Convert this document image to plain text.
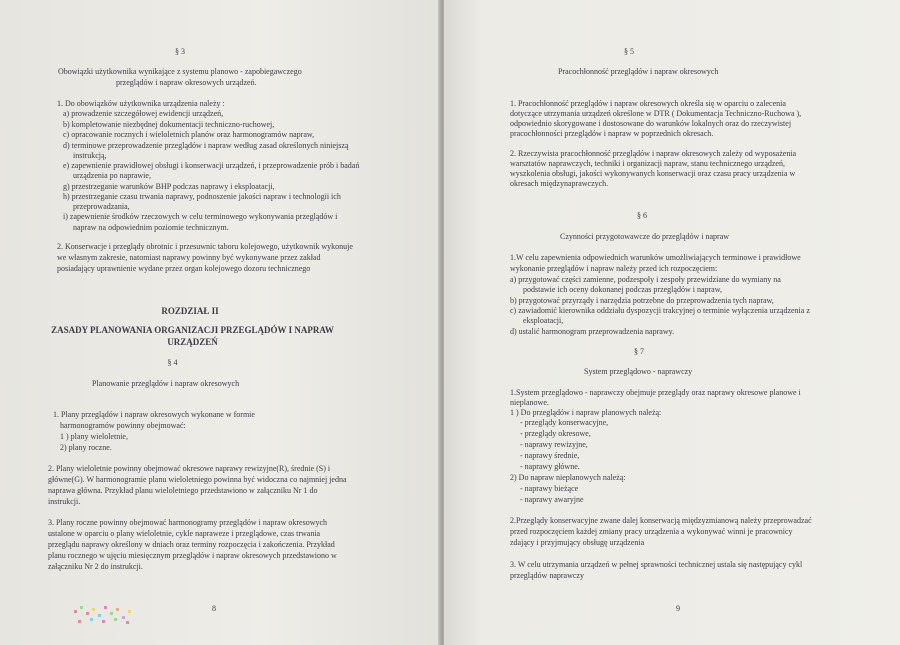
§ 3
Obowiązki użytkownika wynikające z systemu planowo - zapobiegawczego
przeglądów i napraw okresowych urządzeń.
1. Do obowiązków użytkownika urządzenia należy :
a) prowadzenie szczegółowej ewidencji urządzeń,
b) kompletowanie niezbędnej dokumentacji techniczno-ruchowej,
c) opracowanie rocznych i wieloletnich planów oraz harmonogramów napraw,
d) terminowe przeprowadzenie przeglądów i napraw według zasad określonych niniejszą
instrukcją,
e) zapewnienie prawidłowej obsługi i konserwacji urządzeń, i przeprowadzenie prób i badań
urządzenia po naprawie,
g) przestrzeganie warunków BHP podczas naprawy i eksploatacji,
h) przestrzeganie czasu trwania naprawy, podnoszenie jakości napraw i technologii ich
przeprowadzania,
i) zapewnienie środków rzeczowych w celu terminowego wykonywania przeglądów i
napraw na odpowiednim poziomie technicznym.
2. Konserwacje i przeglądy obrotnic i przesuwnic taboru kolejowego, użytkownik wykonuje
we własnym zakresie, natomiast naprawy powinny być wykonywane przez zakład
posiadający uprawnienie wydane przez organ kolejowego dozoru technicznego
ROZDZIAŁ II
ZASADY PLANOWANIA ORGANIZACJI PRZEGLĄDÓW I NAPRAW
URZĄDZEŃ
§ 4
Planowanie przeglądów i napraw okresowych
1. Plany przeglądów i napraw okresowych wykonane w formie
harmonogramów powinny obejmować:
1 ) plany wieloletnie,
2) plany roczne.
2. Plany wieloletnie powinny obejmować okresowe naprawy rewizyjne(R), średnie (S) i
główne(G). W harmonogramie planu wieloletniego powinna być widoczna co najmniej jedna
naprawa główna. Przykład planu wieloletniego przedstawiono w załączniku Nr 1 do
instrukcji.
3. Plany roczne powinny obejmować harmonogramy przeglądów i napraw okresowych
ustalone w oparciu o plany wieloletnie, cykle napraweze i przeglądowe, czas trwania
przeglądu naprawy określony w dniach oraz terminy rozpoczęcia i zakończenia. Przykład
planu rocznego w ujęciu miesięcznym przeglądów i napraw okresowych przedstawiono w
załączniku Nr 2 do instrukcji.
8
§ 5
Pracochłonność przeglądów i napraw okresowych
1. Pracochłonność przeglądów i napraw okresowych określa się w oparciu o zalecenia
dotyczące utrzymania urządzeń określone w DTR ( Dokumentacja Techniczno-Ruchowa ),
odpowiednio skorygowane i dostosowane do warunków lokalnych oraz do rzeczywistej
pracochłonności przeglądów i napraw w poprzednich okresach.
2. Rzeczywista pracochłonność przeglądów i napraw okresowych zależy od wyposażenia
warsztatów naprawczych, techniki i organizacji napraw, stanu technicznego urządzeń,
wyszkolenia obsługi, jakości wykonywanych konserwacji oraz czasu pracy urządzenia w
okresach międzynaprawczych.
§ 6
Czynności przygotowawcze do przeglądów i napraw
1.W celu zapewnienia odpowiednich warunków umożliwiających terminowe i prawidłowe
wykonanie przeglądów i napraw należy przed ich rozpoczęciem:
a) przygotować części zamienne, podzespoły i zespoły przewidziane do wymiany na
podstawie ich oceny dokonanej podczas przeglądów i napraw,
b) przygotować przyrządy i narzędzia potrzebne do przeprowadzenia tych napraw,
c) zawiadomić kierownika oddziału dyspozycji trakcyjnej o terminie wyłączenia urządzenia z
eksploatacji,
d) ustalić harmonogram przeprowadzenia naprawy.
§ 7
System przeglądowo - naprawczy
1.System przeglądowo - naprawczy obejmuje przeglądy oraz naprawy okresowe planowe i
nieplanowe.
1 ) Do przeglądów i napraw planowych należą:
- przeglądy konserwacyjne,
- przeglądy okresowe,
- naprawy rewizyjne,
- naprawy średnie,
- naprawy główne.
2) Do napraw nieplanowych należą:
- naprawy bieżące
- naprawy awaryjne
2.Przeglądy konserwacyjne zwane dalej konserwacją międzyzmianową należy przeprowadzać
przed rozpoczęciem każdej zmiany pracy urządzenia a wykonywać winni je pracownicy
zdający i przyjmujący obsługę urządzenia
3. W celu utrzymania urządzeń w pełnej sprawności technicznej ustala się następujący cykl
przeglądów naprawczy
9
